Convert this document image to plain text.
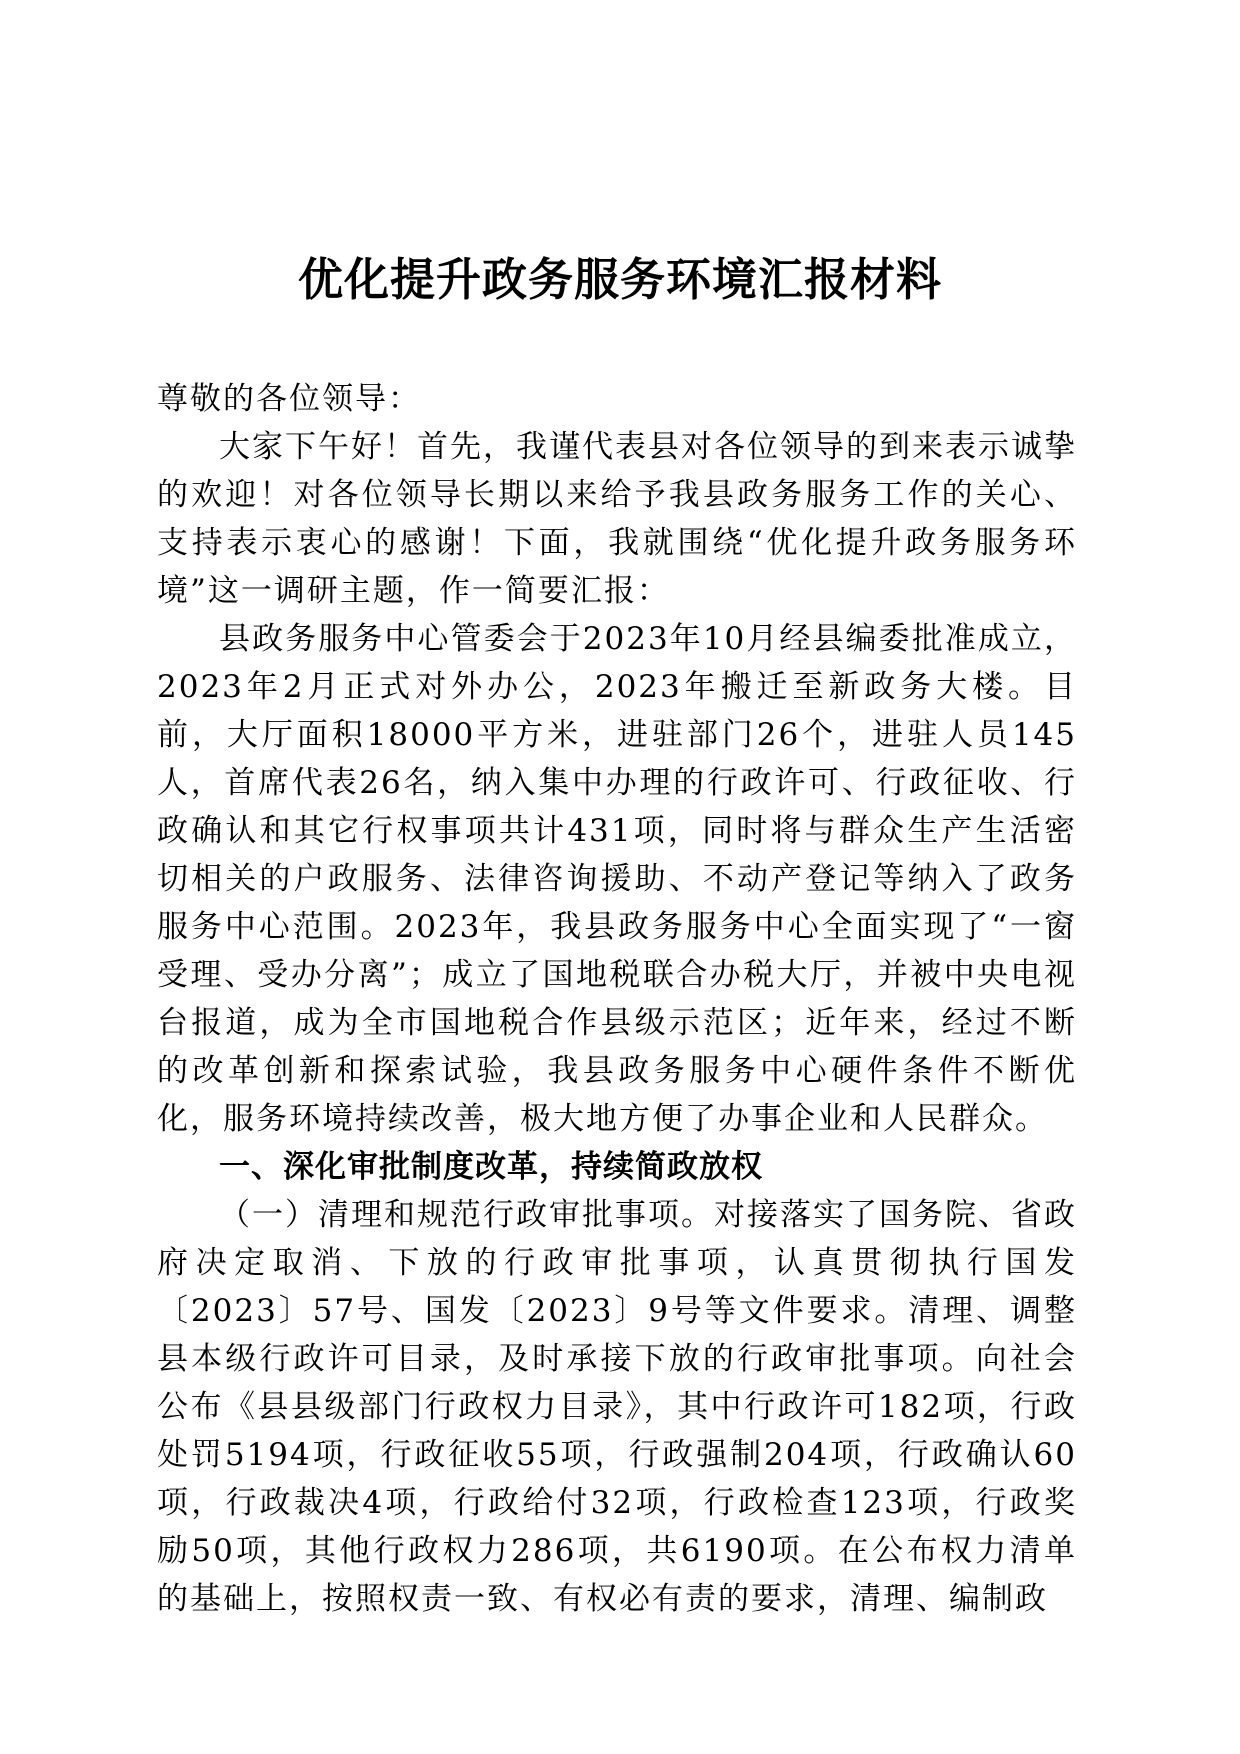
优化提升政务服务环境汇报材料

尊敬的各位领导：

大家下午好！首先，我谨代表县对各位领导的到来表示诚挚的欢迎！对各位领导长期以来给予我县政务服务工作的关心、支持表示衷心的感谢！下面，我就围绕“优化提升政务服务环境”这一调研主题，作一简要汇报：

县政务服务中心管委会于2023年10月经县编委批准成立，2023年2月正式对外办公，2023年搬迁至新政务大楼。目前，大厅面积18000平方米，进驻部门26个，进驻人员145人，首席代表26名，纳入集中办理的行政许可、行政征收、行政确认和其它行权事项共计431项，同时将与群众生产生活密切相关的户政服务、法律咨询援助、不动产登记等纳入了政务服务中心范围。2023年，我县政务服务中心全面实现了“一窗受理、受办分离”；成立了国地税联合办税大厅，并被中央电视台报道，成为全市国地税合作县级示范区；近年来，经过不断的改革创新和探索试验，我县政务服务中心硬件条件不断优化，服务环境持续改善，极大地方便了办事企业和人民群众。

一、深化审批制度改革，持续简政放权

（一）清理和规范行政审批事项。对接落实了国务院、省政府决定取消、下放的行政审批事项，认真贯彻执行国发〔2023〕57号、国发〔2023〕9号等文件要求。清理、调整县本级行政许可目录，及时承接下放的行政审批事项。向社会公布《县县级部门行政权力目录》，其中行政许可182项，行政处罚5194项，行政征收55项，行政强制204项，行政确认60项，行政裁决4项，行政给付32项，行政检查123项，行政奖励50项，其他行政权力286项，共6190项。在公布权力清单的基础上，按照权责一致、有权必有责的要求，清理、编制政
